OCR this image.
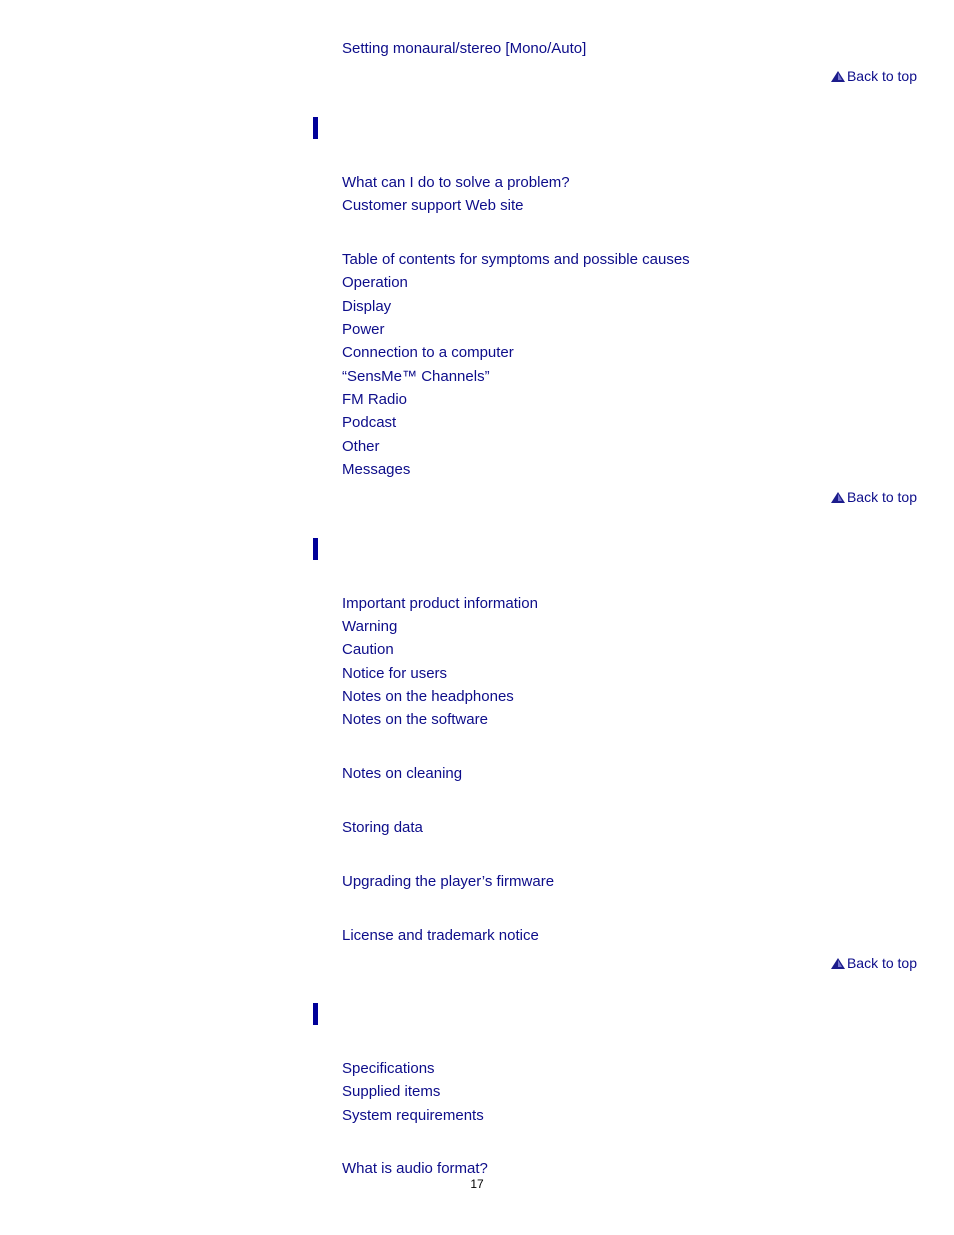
Setting monaural/stereo [Mono/Auto]
Back to top
What can I do to solve a problem?
Customer support Web site
Table of contents for symptoms and possible causes
Operation
Display
Power
Connection to a computer
“SensMe™ Channels”
FM Radio
Podcast
Other
Messages
Back to top
Important product information
Warning
Caution
Notice for users
Notes on the headphones
Notes on the software
Notes on cleaning
Storing data
Upgrading the player’s firmware
License and trademark notice
Back to top
Specifications
Supplied items
System requirements
What is audio format?
17
